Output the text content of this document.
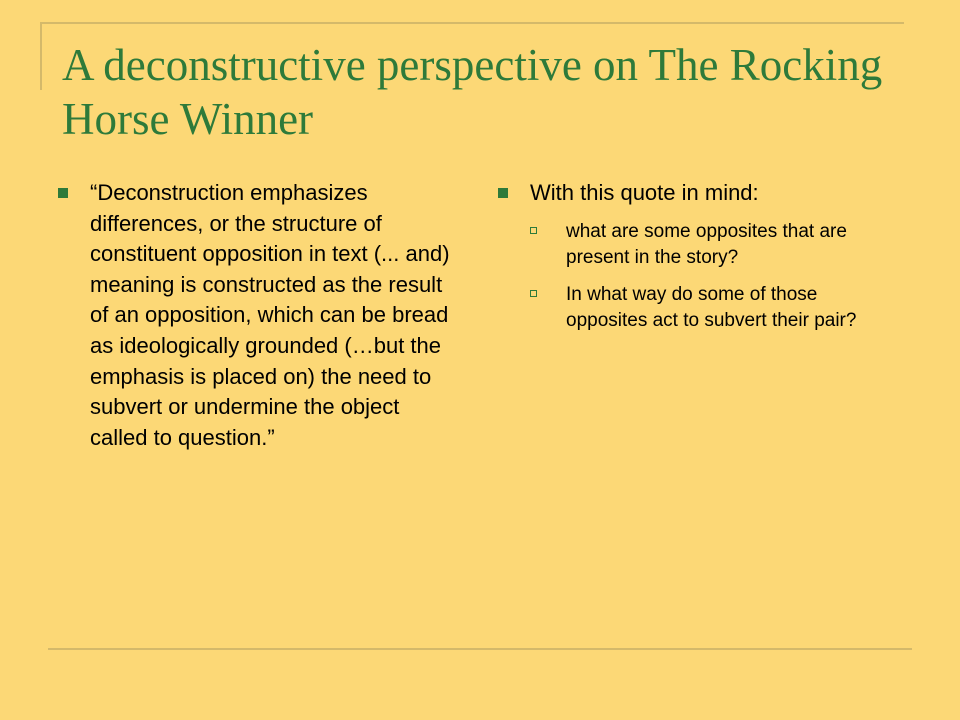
A deconstructive perspective on The Rocking Horse Winner
“Deconstruction emphasizes differences, or the structure of constituent opposition in text (... and) meaning is constructed as the result of an opposition, which can be bread as ideologically grounded (…but the emphasis is placed on) the need to subvert or undermine the object called to question.”
With this quote in mind:
what are some opposites that are present in the story?
In what way do some of those opposites act to subvert their pair?
